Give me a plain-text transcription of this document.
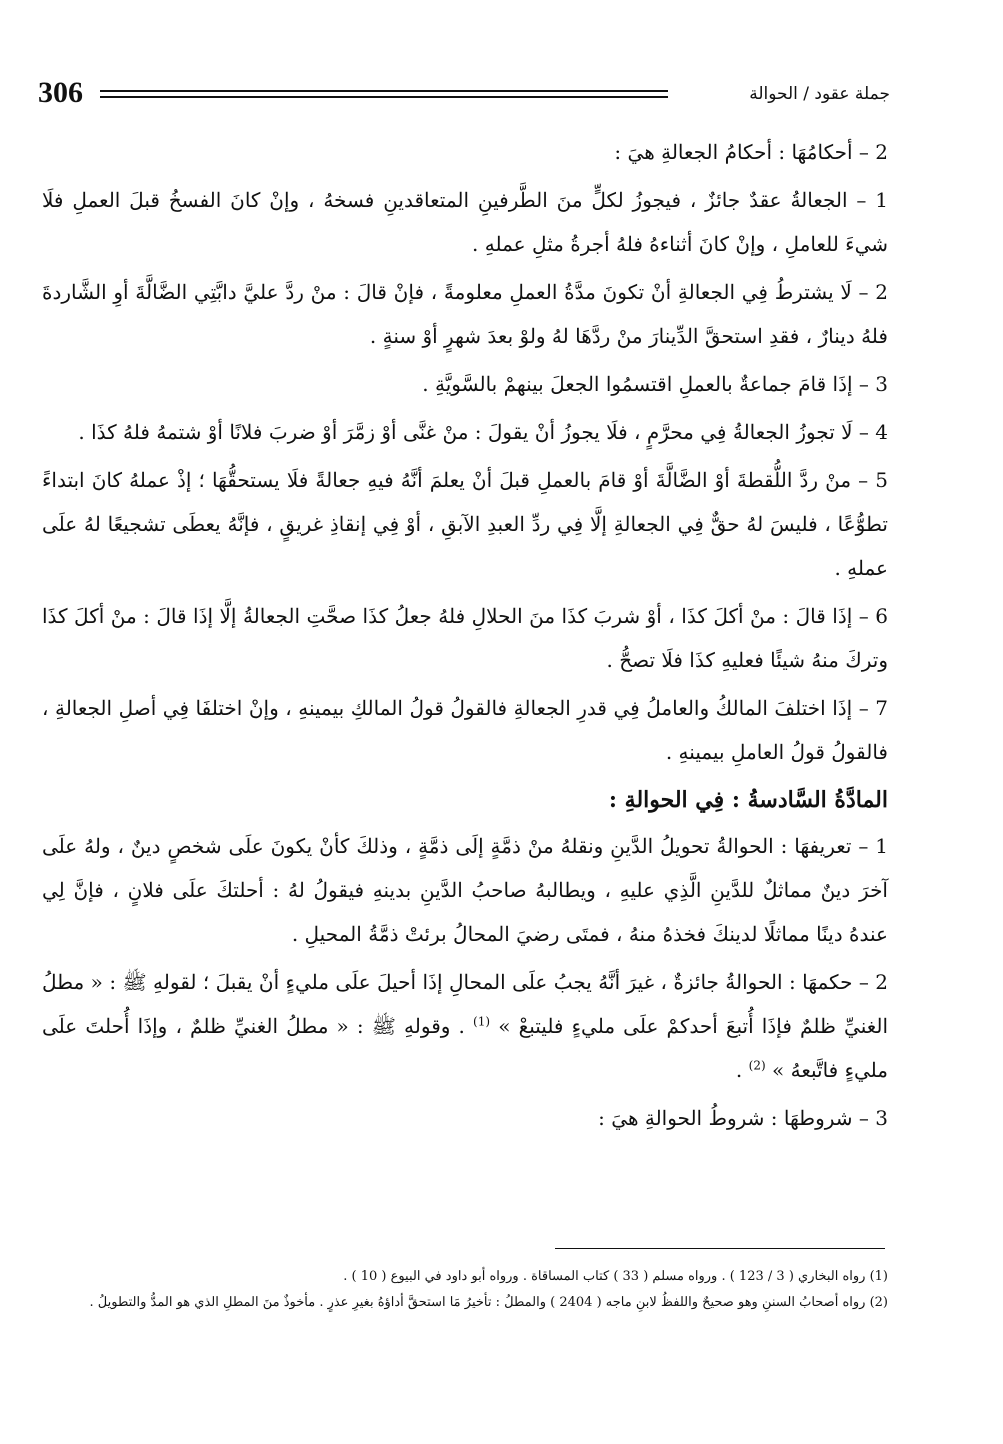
306	جملة عقود / الحوالة

2 – أحكامُهَا : أحكامُ الجعالةِ هيَ :

1 – الجعالةُ عقدٌ جائزٌ ، فيجوزُ لكلٍّ منَ الطَّرفينِ المتعاقدينِ فسخهُ ، وإنْ كانَ الفسخُ قبلَ العملِ فلَا شيءَ للعاملِ ، وإنْ كانَ أثناءهُ فلهُ أجرةُ مثلِ عملهِ .

2 – لَا يشترطُ فِي الجعالةِ أنْ تكونَ مدَّةُ العملِ معلومةً ، فإنْ قالَ : منْ ردَّ عليَّ دابَّتِي الضَّالَّةَ أوِ الشَّاردةَ فلهُ دينارٌ ، فقدِ استحقَّ الدِّينارَ منْ ردَّهَا لهُ ولوْ بعدَ شهرٍ أوْ سنةٍ .

3 – إذَا قامَ جماعةٌ بالعملِ اقتسمُوا الجعلَ بينهمْ بالسَّويَّةِ .

4 – لَا تجوزُ الجعالةُ فِي محرَّمٍ ، فلَا يجوزُ أنْ يقولَ : منْ غنَّى أوْ زمَّرَ أوْ ضربَ فلانًا أوْ شتمهُ فلهُ كذَا .

5 – منْ ردَّ اللُّقطةَ أوْ الضَّالَّةَ أوْ قامَ بالعملِ قبلَ أنْ يعلمَ أنَّهُ فيهِ جعالةً فلَا يستحقُّهَا ؛ إذْ عملهُ كانَ ابتداءً تطوُّعًا ، فليسَ لهُ حقٌّ فِي الجعالةِ إلَّا فِي ردِّ العبدِ الآبقِ ، أوْ فِي إنقاذِ غريقٍ ، فإنَّهُ يعطَى تشجيعًا لهُ علَى عملهِ .

6 – إذَا قالَ : منْ أكلَ كذَا ، أوْ شربَ كذَا منَ الحلالِ فلهُ جعلُ كذَا صحَّتِ الجعالةُ إلَّا إذَا قالَ : منْ أكلَ كذَا وتركَ منهُ شيئًا فعليهِ كذَا فلَا تصحُّ .

7 – إذَا اختلفَ المالكُ والعاملُ فِي قدرِ الجعالةِ فالقولُ قولُ المالكِ بيمينهِ ، وإنْ اختلفَا فِي أصلِ الجعالةِ ، فالقولُ قولُ العاملِ بيمينهِ .

المادَّةُ السَّادسةُ : فِي الحوالةِ :

1 – تعريفهَا : الحوالةُ تحويلُ الدَّينِ ونقلهُ منْ ذمَّةٍ إلَى ذمَّةٍ ، وذلكَ كأنْ يكونَ علَى شخصٍ دينٌ ، ولهُ علَى آخرَ دينٌ مماثلٌ للدَّينِ الَّذِي عليهِ ، ويطالبهُ صاحبُ الدَّينِ بدينهِ فيقولُ لهُ : أحلتكَ علَى فلانٍ ، فإنَّ لِي عندهُ دينًا مماثلًا لدينكَ فخذهُ منهُ ، فمتَى رضيَ المحالُ برئتْ ذمَّةُ المحيلِ .

2 – حكمهَا : الحوالةُ جائزةٌ ، غيرَ أنَّهُ يجبُ علَى المحالِ إذَا أحيلَ علَى مليءٍ أنْ يقبلَ ؛ لقولهِ ﷺ : « مطلُ الغنيِّ ظلمٌ فإذَا أُتبعَ أحدكمْ علَى مليءٍ فليتبعْ » $^{(1)}$ . وقولهِ ﷺ : « مطلُ الغنيِّ ظلمٌ ، وإذَا أُحلتَ علَى مليءٍ فاتَّبعهُ » $^{(2)}$ .

3 – شروطهَا : شروطُ الحوالةِ هيَ :

(1) رواه البخاري ( 3 / 123 ) . ورواه مسلم ( 33 ) كتاب المساقاة . ورواه أبو داود في البيوع ( 10 ) .

(2) رواه أصحابُ السننِ وهو صحيحٌ واللفظُ لابنِ ماجه ( 2404 ) والمطلُ : تأخيرُ مَا استحقَّ أداؤهُ بغيرِ عذرٍ . مأخوذٌ منَ المطلِ الذي هو المدُّ والتطويلُ .
